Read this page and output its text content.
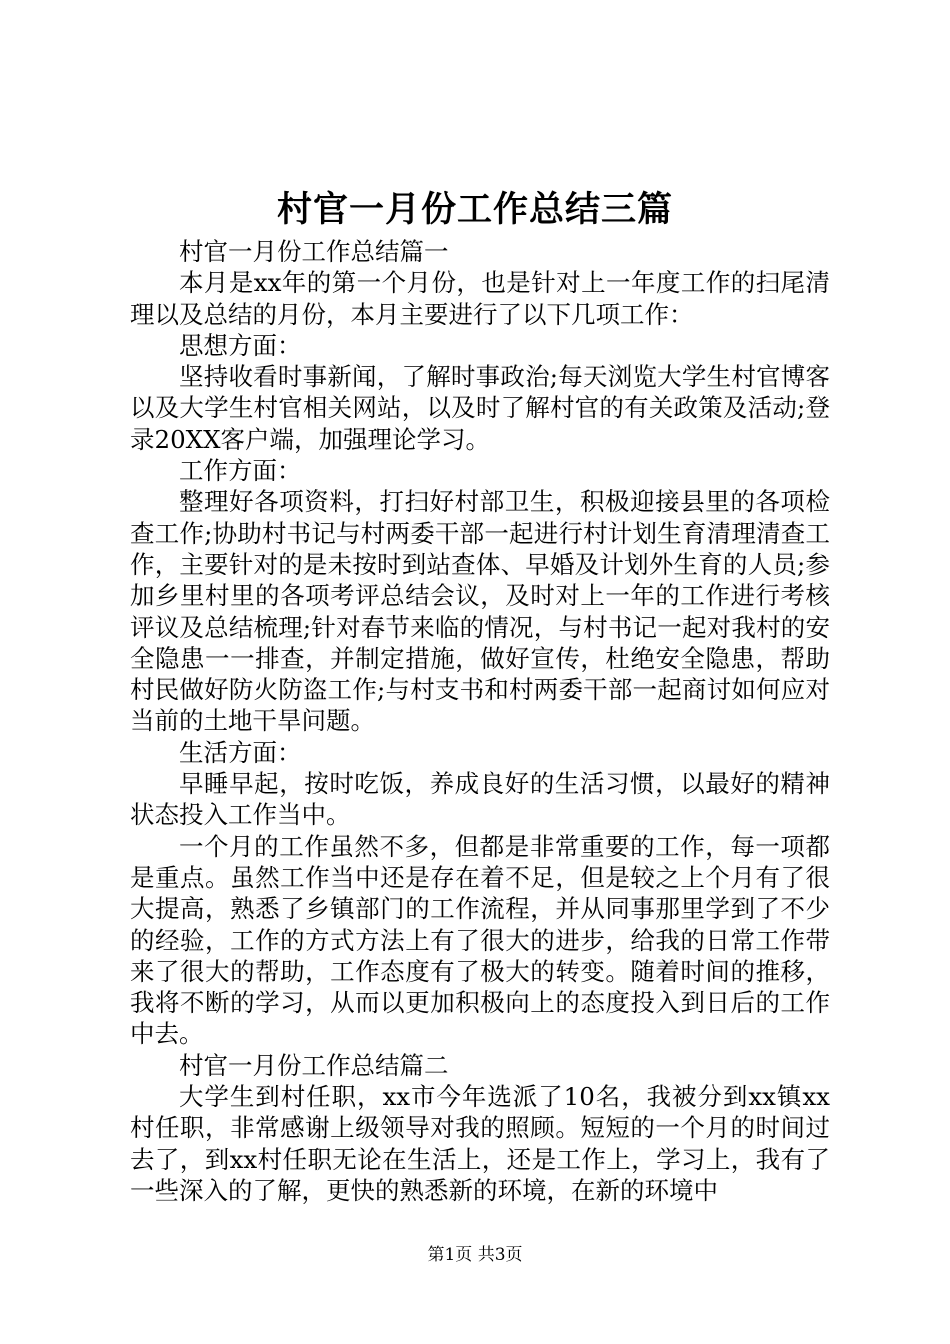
村官一月份工作总结三篇

村官一月份工作总结篇一

本月是xx年的第一个月份，也是针对上一年度工作的扫尾清理以及总结的月份，本月主要进行了以下几项工作：

思想方面：

坚持收看时事新闻，了解时事政治;每天浏览大学生村官博客以及大学生村官相关网站，以及时了解村官的有关政策及活动;登录20XX客户端，加强理论学习。

工作方面：

整理好各项资料，打扫好村部卫生，积极迎接县里的各项检查工作;协助村书记与村两委干部一起进行村计划生育清理清查工作，主要针对的是未按时到站查体、早婚及计划外生育的人员;参加乡里村里的各项考评总结会议，及时对上一年的工作进行考核评议及总结梳理;针对春节来临的情况，与村书记一起对我村的安全隐患一一排查，并制定措施，做好宣传，杜绝安全隐患，帮助村民做好防火防盗工作;与村支书和村两委干部一起商讨如何应对当前的土地干旱问题。

生活方面：

早睡早起，按时吃饭，养成良好的生活习惯，以最好的精神状态投入工作当中。

一个月的工作虽然不多，但都是非常重要的工作，每一项都是重点。虽然工作当中还是存在着不足，但是较之上个月有了很大提高，熟悉了乡镇部门的工作流程，并从同事那里学到了不少的经验，工作的方式方法上有了很大的进步，给我的日常工作带来了很大的帮助，工作态度有了极大的转变。随着时间的推移，我将不断的学习，从而以更加积极向上的态度投入到日后的工作中去。

村官一月份工作总结篇二

大学生到村任职，xx市今年选派了10名，我被分到xx镇xx村任职，非常感谢上级领导对我的照顾。短短的一个月的时间过去了，到xx村任职无论在生活上，还是工作上，学习上，我有了一些深入的了解，更快的熟悉新的环境，在新的环境中

第1页 共3页
